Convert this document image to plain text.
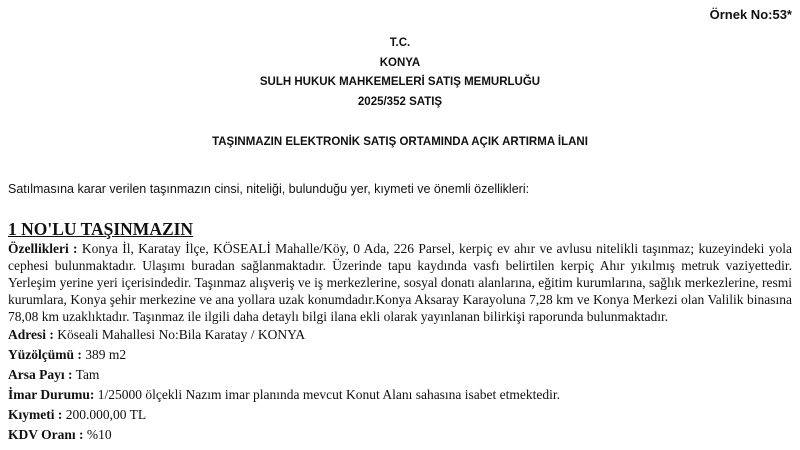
Örnek No:53*
T.C.
KONYA
SULH HUKUK MAHKEMELERİ SATIŞ MEMURLUĞU
2025/352 SATIŞ
TAŞINMAZIN ELEKTRONİK SATIŞ ORTAMINDA AÇIK ARTIRMA İLANI
Satılmasına karar verilen taşınmazın cinsi, niteliği, bulunduğu yer, kıymeti ve önemli özellikleri:
1 NO'LU TAŞINMAZIN

Özellikleri : Konya İl, Karatay İlçe, KÖSEALİ Mahalle/Köy, 0 Ada, 226 Parsel, kerpiç ev ahır ve avlusu nitelikli taşınmaz; kuzeyindeki yola cephesi bulunmaktadır. Ulaşımı buradan sağlanmaktadır. Üzerinde tapu kaydında vasfı belirtilen kerpiç Ahır yıkılmış metruk vaziyettedir. Yerleşim yerine yeri içerisindedir. Taşınmaz alışveriş ve iş merkezlerine, sosyal donatı alanlarına, eğitim kurumlarına, sağlık merkezlerine, resmi kurumlara, Konya şehir merkezine ve ana yollara uzak konumdadır.Konya Aksaray Karayoluna 7,28 km ve Konya Merkezi olan Valilik binasına 78,08 km uzaklıktadır. Taşınmaz ile ilgili daha detaylı bilgi ilana ekli olarak yayınlanan bilirkişi raporunda bulunmaktadır.

Adresi : Köseali Mahallesi No:Bila Karatay / KONYA
Yüzölçümü : 389 m2
Arsa Payı : Tam
İmar Durumu: 1/25000 ölçekli Nazım imar planında mevcut Konut Alanı sahasına isabet etmektedir.
Kıymeti : 200.000,00 TL
KDV Oranı : %10
